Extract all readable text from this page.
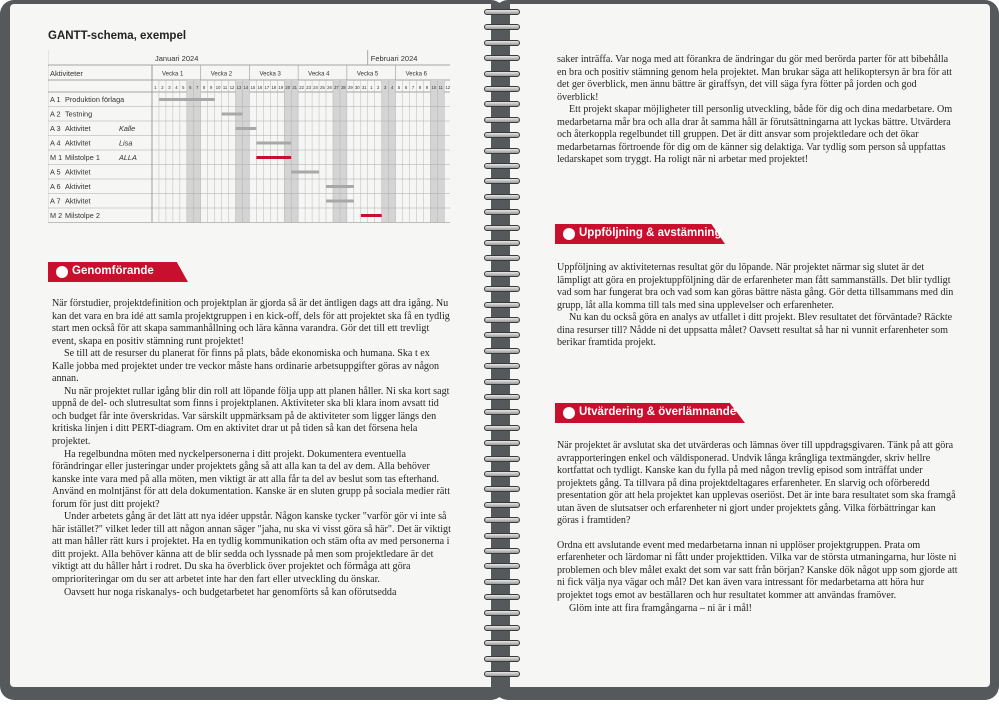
GANTT-schema, exempel
Januari 2024	Februari 2024
Aktiviteter	Vecka 1	Vecka 2	Vecka 3	Vecka 4	Vecka 5	Vecka 6
1 2 3 4 5 6 7 8 9 10 11 12 13 14 15 16 17 18 19 20 21 22 23 24 25 26 27 28 29 30 31 1 2 3 4 5 6 7 8 9 10 11 12
A 1 Produktion förlaga
A 2 Testning
A 3 Aktivitet	Kalle
A 4 Aktivitet	Lisa
M 1 Milstolpe 1	ALLA
A 5 Aktivitet
A 6 Aktivitet
A 7 Aktivitet
M 2 Milstolpe 2
Genomförande

När förstudier, projektdefinition och projektplan är gjorda så är det äntligen dags att dra igång. Nu kan det vara en bra idé att samla projektgruppen i en kick-off, dels för att projektet ska få en tydlig start men också för att skapa sammanhållning och lära känna varandra. Gör det till ett trevligt event, skapa en positiv stämning runt projektet!

Se till att de resurser du planerat för finns på plats, både ekonomiska och humana. Ska t ex Kalle jobba med projektet under tre veckor måste hans ordinarie arbetsuppgifter göras av någon annan.

Nu när projektet rullar igång blir din roll att löpande följa upp att planen håller. Ni ska kort sagt uppnå de del- och slutresultat som finns i projektplanen. Aktiviteter ska bli klara inom avsatt tid och budget får inte överskridas. Var särskilt uppmärksam på de aktiviteter som ligger längs den kritiska linjen i ditt PERT-diagram. Om en aktivitet drar ut på tiden så kan det försena hela projektet.

Ha regelbundna möten med nyckelpersonerna i ditt projekt. Dokumentera eventuella förändringar eller justeringar under projektets gång så att alla kan ta del av dem. Alla behöver kanske inte vara med på alla möten, men viktigt är att alla får ta del av beslut som tas efterhand. Använd en molntjänst för att dela dokumentation. Kanske är en sluten grupp på sociala medier rätt forum för just ditt projekt?

Under arbetets gång är det lätt att nya idéer uppstår. Någon kanske tycker "varför gör vi inte så här istället?" vilket leder till att någon annan säger "jaha, nu ska vi visst göra så här". Det är viktigt att man håller rätt kurs i projektet. Ha en tydlig kommunikation och stäm ofta av med personerna i ditt projekt. Alla behöver känna att de blir sedda och lyssnade på men som projektledare är det viktigt att du håller hårt i rodret. Du ska ha överblick över projektet och förmåga att göra omprioriteringar om du ser att arbetet inte har den fart eller utveckling du önskar.

Oavsett hur noga riskanalys- och budgetarbetet har genomförts så kan oförutsedda

saker inträffa. Var noga med att förankra de ändringar du gör med berörda parter för att bibehålla en bra och positiv stämning genom hela projektet. Man brukar säga att helikoptersyn är bra för att det ger överblick, men ännu bättre är giraffsyn, det vill säga fyra fötter på jorden och god överblick!

Ett projekt skapar möjligheter till personlig utveckling, både för dig och dina medarbetare. Om medarbetarna mår bra och alla drar åt samma håll är förutsättningarna att lyckas bättre. Utvärdera och återkoppla regelbundet till gruppen. Det är ditt ansvar som projektledare och det ökar medarbetarnas förtroende för dig om de känner sig delaktiga. Var tydlig som person så uppfattas ledarskapet som tryggt. Ha roligt när ni arbetar med projektet!

Uppföljning & avstämning

Uppföljning av aktiviteternas resultat gör du löpande. När projektet närmar sig slutet är det lämpligt att göra en projektuppföljning där de erfarenheter man fått sammanställs. Det blir tydligt vad som har fungerat bra och vad som kan göras bättre nästa gång. Gör detta tillsammans med din grupp, låt alla komma till tals med sina upplevelser och erfarenheter.

Nu kan du också göra en analys av utfallet i ditt projekt. Blev resultatet det förväntade? Räckte dina resurser till? Nådde ni det uppsatta målet? Oavsett resultat så har ni vunnit erfarenheter som berikar framtida projekt.

Utvärdering & överlämnande

När projektet är avslutat ska det utvärderas och lämnas över till uppdragsgivaren. Tänk på att göra avrapporteringen enkel och väldisponerad. Undvik långa krångliga textmängder, skriv hellre kortfattat och tydligt. Kanske kan du fylla på med någon trevlig episod som inträffat under projektets gång. Ta tillvara på dina projektdeltagares erfarenheter. En slarvig och oförberedd presentation gör att hela projektet kan upplevas oseriöst. Det är inte bara resultatet som ska framgå utan även de slutsatser och erfarenheter ni gjort under projektets gång. Vilka förbättringar kan göras i framtiden?

Ordna ett avslutande event med medarbetarna innan ni upplöser projektgruppen. Prata om erfarenheter och lärdomar ni fått under projekttiden. Vilka var de största utmaningarna, hur löste ni problemen och blev målet exakt det som var satt från början? Kanske dök något upp som gjorde att ni fick välja nya vägar och mål? Det kan även vara intressant för medarbetarna att höra hur projektet togs emot av beställaren och hur resultatet kommer att användas framöver.

Glöm inte att fira framgångarna – ni är i mål!
